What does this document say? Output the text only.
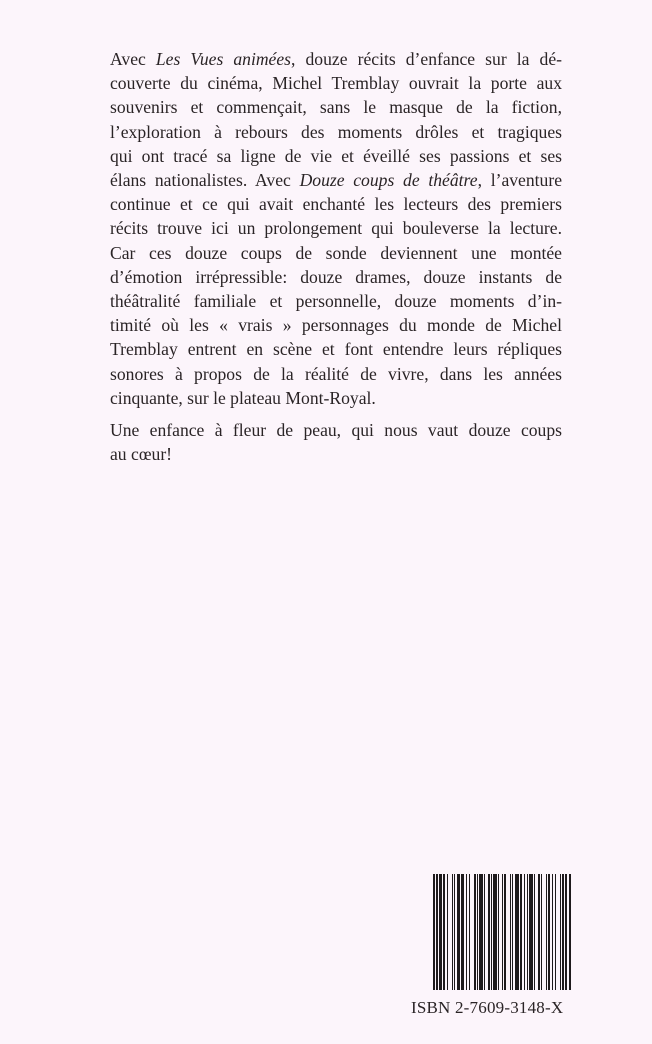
Avec Les Vues animées, douze récits d’enfance sur la dé-
couverte du cinéma, Michel Tremblay ouvrait la porte aux
souvenirs et commençait, sans le masque de la fiction,
l’exploration à rebours des moments drôles et tragiques
qui ont tracé sa ligne de vie et éveillé ses passions et ses
élans nationalistes. Avec Douze coups de théâtre, l’aventure
continue et ce qui avait enchanté les lecteurs des premiers
récits trouve ici un prolongement qui bouleverse la lecture.
Car ces douze coups de sonde deviennent une montée
d’émotion irrépressible: douze drames, douze instants de
théâtralité familiale et personnelle, douze moments d’in-
timité où les « vrais » personnages du monde de Michel
Tremblay entrent en scène et font entendre leurs répliques
sonores à propos de la réalité de vivre, dans les années
cinquante, sur le plateau Mont-Royal.

Une enfance à fleur de peau, qui nous vaut douze coups
au cœur!

ISBN 2-7609-3148-X
